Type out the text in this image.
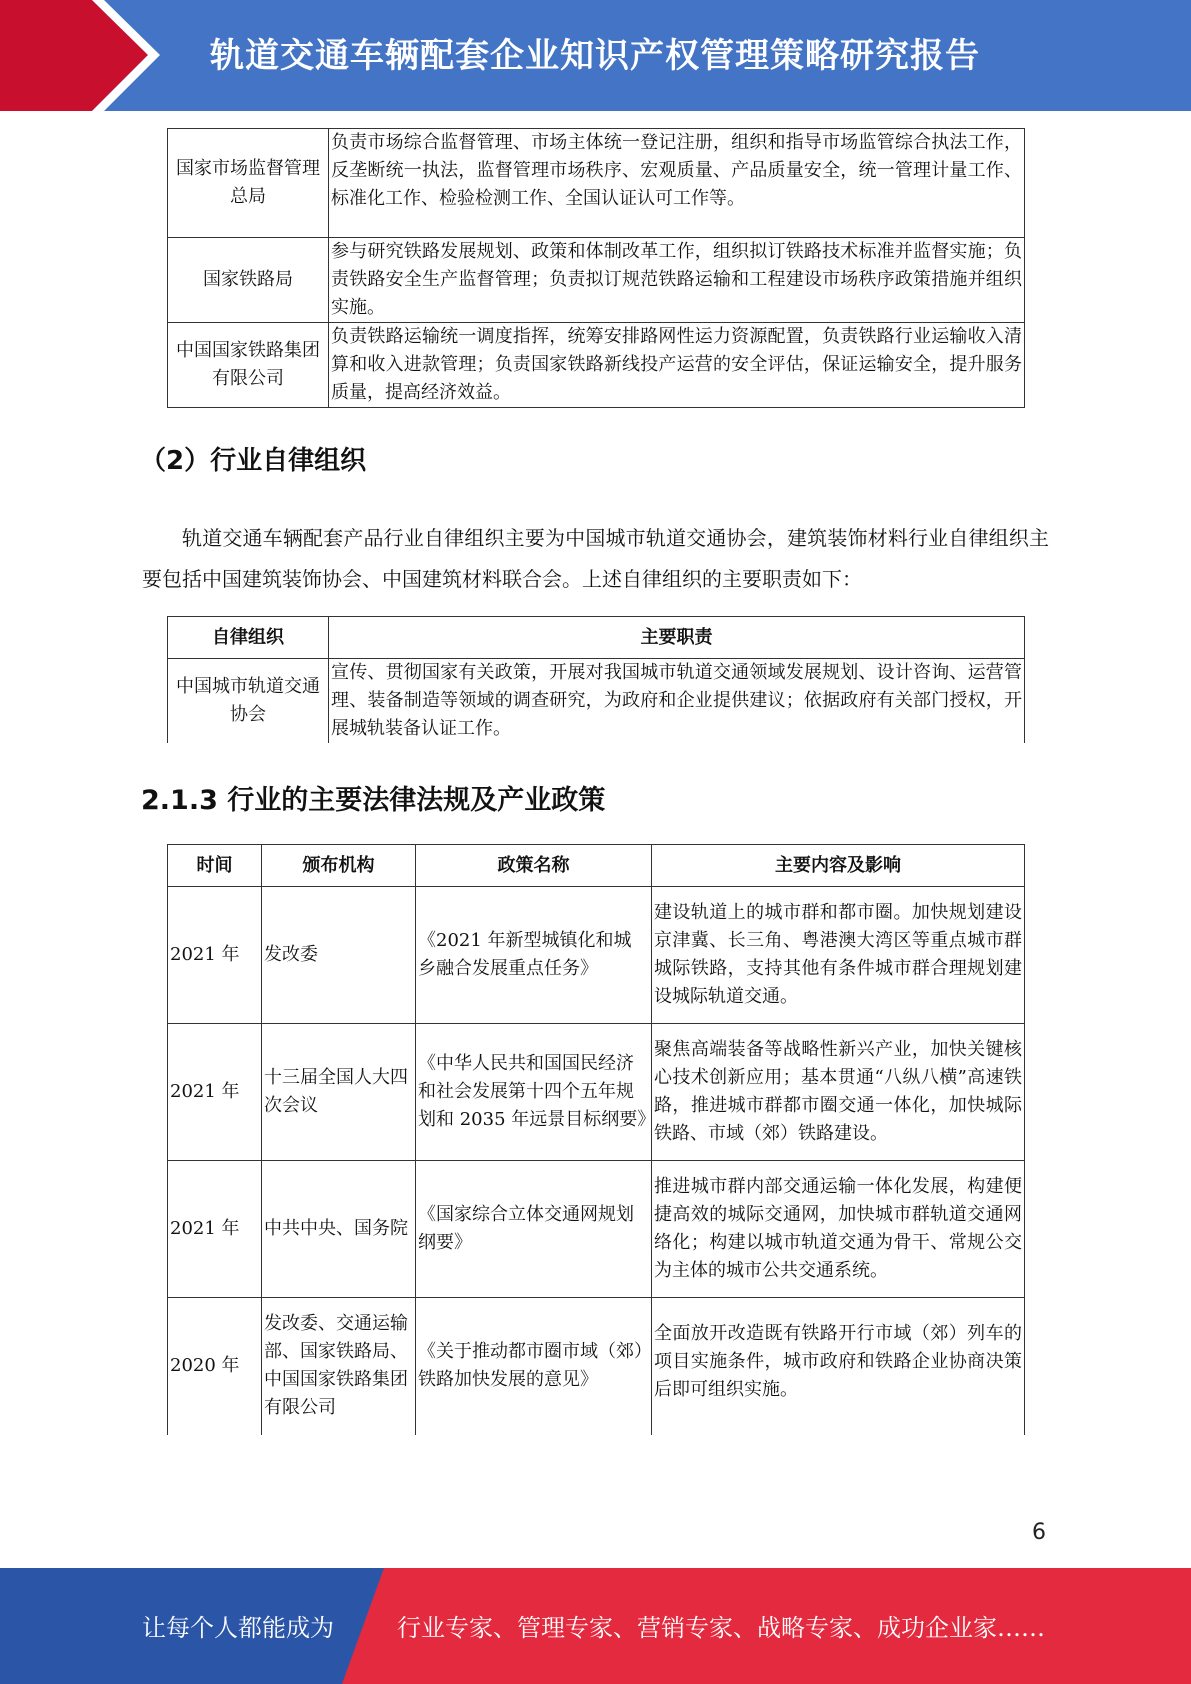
轨道交通车辆配套企业知识产权管理策略研究报告
国家市场监督管理总局	负责市场综合监督管理、市场主体统一登记注册，组织和指导市场监管综合执法工作，反垄断统一执法，监督管理市场秩序、宏观质量、产品质量安全，统一管理计量工作、标准化工作、检验检测工作、全国认证认可工作等。
国家铁路局	参与研究铁路发展规划、政策和体制改革工作，组织拟订铁路技术标准并监督实施；负责铁路安全生产监督管理；负责拟订规范铁路运输和工程建设市场秩序政策措施并组织实施。
中国国家铁路集团有限公司	负责铁路运输统一调度指挥，统筹安排路网性运力资源配置，负责铁路行业运输收入清算和收入进款管理；负责国家铁路新线投产运营的安全评估，保证运输安全，提升服务质量，提高经济效益。
（2）行业自律组织
轨道交通车辆配套产品行业自律组织主要为中国城市轨道交通协会，建筑装饰材料行业自律组织主要包括中国建筑装饰协会、中国建筑材料联合会。上述自律组织的主要职责如下：
自律组织	主要职责
中国城市轨道交通协会	宣传、贯彻国家有关政策，开展对我国城市轨道交通领域发展规划、设计咨询、运营管理、装备制造等领域的调查研究，为政府和企业提供建议；依据政府有关部门授权，开展城轨装备认证工作。
2.1.3 行业的主要法律法规及产业政策
时间	颁布机构	政策名称	主要内容及影响
2021 年	发改委	《2021 年新型城镇化和城乡融合发展重点任务》	建设轨道上的城市群和都市圈。加快规划建设京津冀、长三角、粤港澳大湾区等重点城市群城际铁路，支持其他有条件城市群合理规划建设城际轨道交通。
2021 年	十三届全国人大四次会议	《中华人民共和国国民经济和社会发展第十四个五年规划和 2035 年远景目标纲要》	聚焦高端装备等战略性新兴产业，加快关键核心技术创新应用；基本贯通“八纵八横”高速铁路，推进城市群都市圈交通一体化，加快城际铁路、市域（郊）铁路建设。
2021 年	中共中央、国务院	《国家综合立体交通网规划纲要》	推进城市群内部交通运输一体化发展，构建便捷高效的城际交通网，加快城市群轨道交通网络化；构建以城市轨道交通为骨干、常规公交为主体的城市公共交通系统。
2020 年	发改委、交通运输部、国家铁路局、中国国家铁路集团有限公司	《关于推动都市圈市域（郊）铁路加快发展的意见》	全面放开改造既有铁路开行市域（郊）列车的项目实施条件，城市政府和铁路企业协商决策后即可组织实施。
6
让每个人都能成为	行业专家、管理专家、营销专家、战略专家、成功企业家……
